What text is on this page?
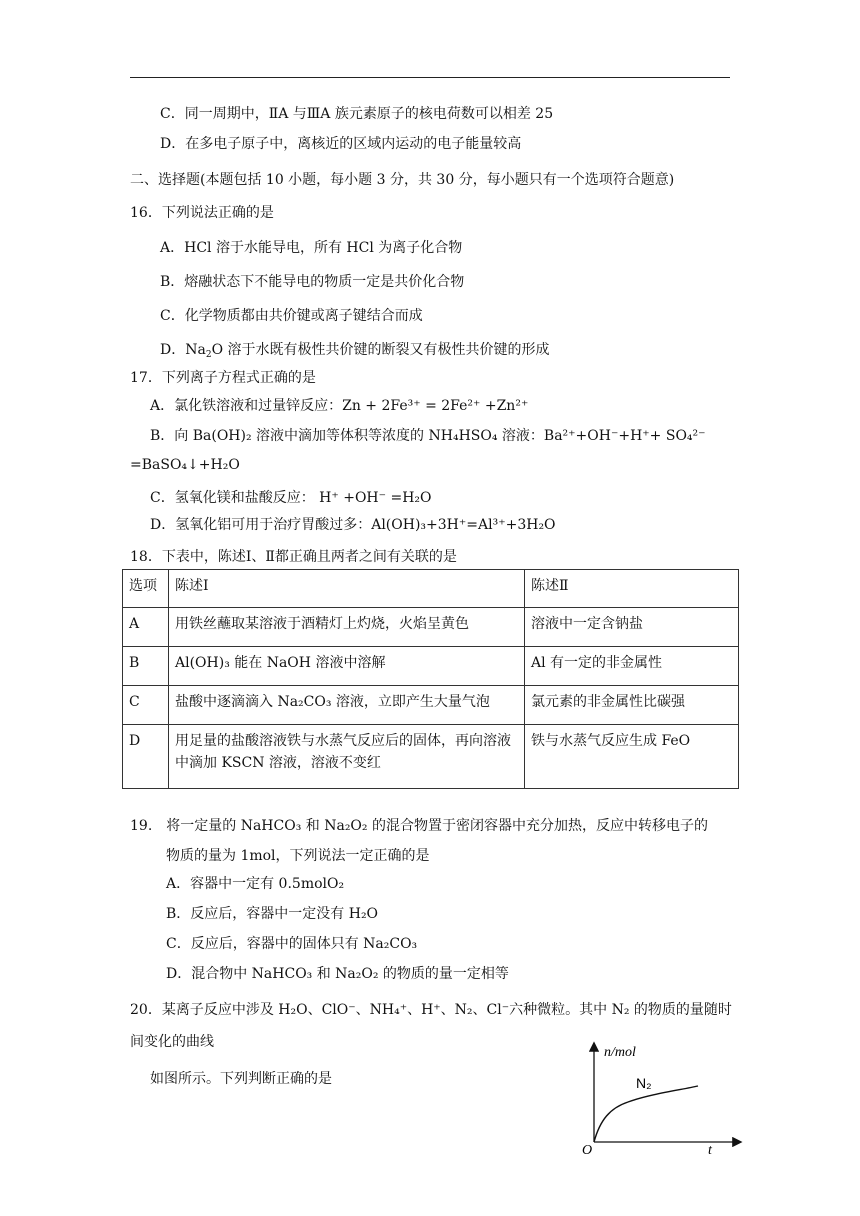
C．同一周期中，ⅡA 与ⅢA 族元素原子的核电荷数可以相差 25
D．在多电子原子中，离核近的区域内运动的电子能量较高
二、选择题(本题包括 10 小题，每小题 3 分，共 30 分，每小题只有一个选项符合题意)
16．下列说法正确的是
A．HCl 溶于水能导电，所有 HCl 为离子化合物
B．熔融状态下不能导电的物质一定是共价化合物
C．化学物质都由共价键或离子键结合而成
D．$Na_2O$ 溶于水既有极性共价键的断裂又有极性共价键的形成
17．下列离子方程式正确的是
A．氯化铁溶液和过量锌反应：Zn + 2Fe³⁺ = 2Fe²⁺ +Zn²⁺
B．向 Ba(OH)₂ 溶液中滴加等体积等浓度的 NH₄HSO₄ 溶液：Ba²⁺+OH⁻+H⁺+ SO₄²⁻
=BaSO₄↓+H₂O
C．氢氧化镁和盐酸反应： H⁺ +OH⁻ =H₂O
D．氢氧化铝可用于治疗胃酸过多：Al(OH)₃+3H⁺=Al³⁺+3H₂O
18．下表中，陈述Ⅰ、Ⅱ都正确且两者之间有关联的是
选项	陈述Ⅰ	陈述Ⅱ
A	用铁丝蘸取某溶液于酒精灯上灼烧，火焰呈黄色	溶液中一定含钠盐
B	Al(OH)₃ 能在 NaOH 溶液中溶解	Al 有一定的非金属性
C	盐酸中逐滴滴入 Na₂CO₃ 溶液，立即产生大量气泡	氯元素的非金属性比碳强
D	用足量的盐酸溶液铁与水蒸气反应后的固体，再向溶液中滴加 KSCN 溶液，溶液不变红	铁与水蒸气反应生成 FeO
19.　将一定量的 NaHCO₃ 和 Na₂O₂ 的混合物置于密闭容器中充分加热，反应中转移电子的
物质的量为 1mol，下列说法一定正确的是
A．容器中一定有 0.5molO₂
B．反应后，容器中一定没有 H₂O
C．反应后，容器中的固体只有 Na₂CO₃
D．混合物中 NaHCO₃ 和 Na₂O₂ 的物质的量一定相等
20．某离子反应中涉及 H₂O、ClO⁻、NH₄⁺、H⁺、N₂、Cl⁻六种微粒。其中 N₂ 的物质的量随时
间变化的曲线
如图所示。下列判断正确的是
n/mol
N₂
O	t
